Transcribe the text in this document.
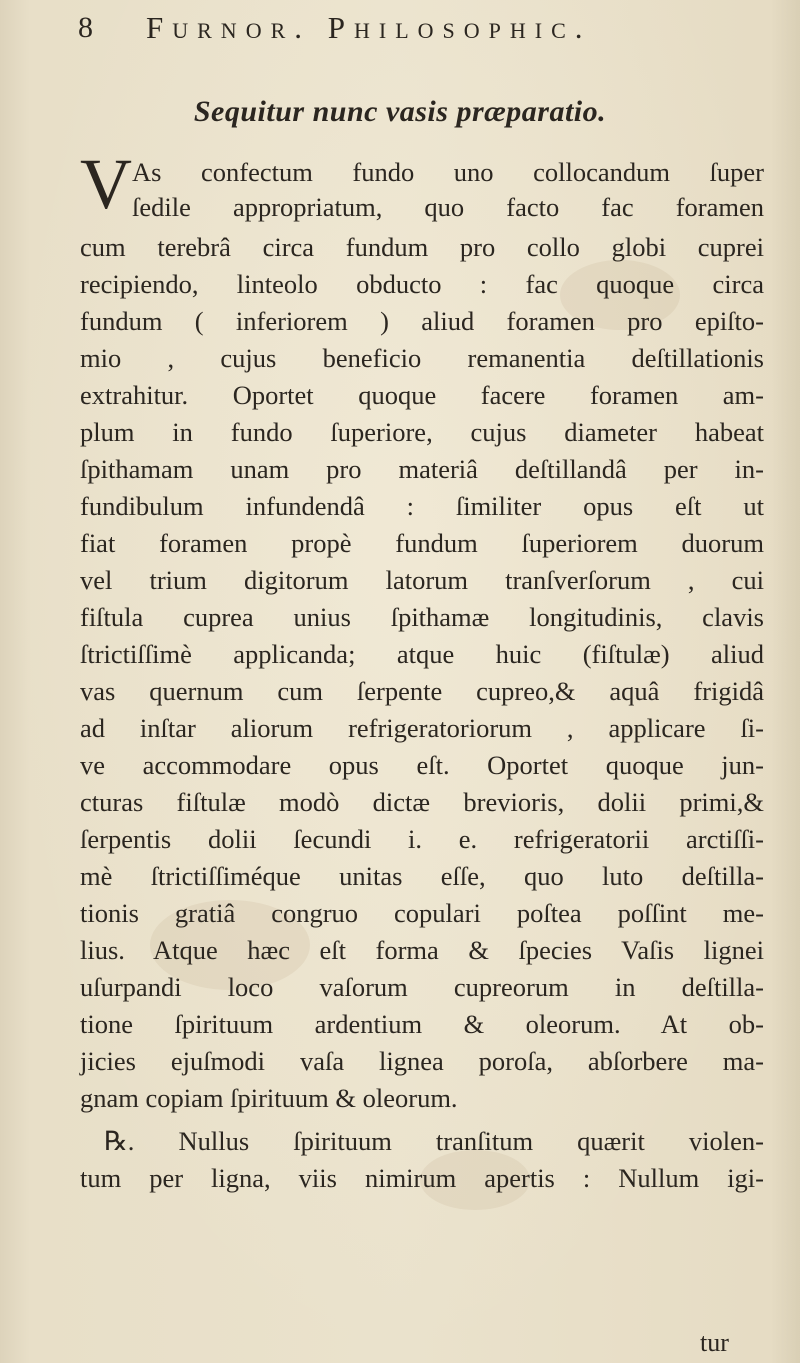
8 Furnor. Philosophic.
Sequitur nunc vasis præparatio.
V As confectum fundo uno collocandum ſuper
ſedile appropriatum, quo facto fac foramen
cum terebrâ circa fundum pro collo globi cuprei
recipiendo, linteolo obducto : fac quoque circa
fundum ( inferiorem ) aliud foramen pro epiſto-
mio , cujus beneficio remanentia deſtillationis
extrahitur. Oportet quoque facere foramen am-
plum in fundo ſuperiore, cujus diameter habeat
ſpithamam unam pro materiâ deſtillandâ per in-
fundibulum infundendâ : ſimiliter opus eſt ut
fiat foramen propè fundum ſuperiorem duorum
vel trium digitorum latorum tranſverſorum , cui
fiſtula cuprea unius ſpithamæ longitudinis, clavis
ſtrictiſſimè applicanda; atque huic (fiſtulæ) aliud
vas quernum cum ſerpente cupreo,& aquâ frigidâ
ad inſtar aliorum refrigeratoriorum , applicare ſi-
ve accommodare opus eſt. Oportet quoque jun-
cturas fiſtulæ modò dictæ brevioris, dolii primi,&
ſerpentis dolii ſecundi i. e. refrigeratorii arctiſſi-
mè ſtrictiſſiméque unitas eſſe, quo luto deſtilla-
tionis gratiâ congruo copulari poſtea poſſint me-
lius. Atque hæc eſt forma & ſpecies Vaſis lignei
uſurpandi loco vaſorum cupreorum in deſtilla-
tione ſpirituum ardentium & oleorum. At ob-
jicies ejuſmodi vaſa lignea poroſa, abſorbere ma-
gnam copiam ſpirituum & oleorum.
℞. Nullus ſpirituum tranſitum quærit violen-
tum per ligna, viis nimirum apertis : Nullum igi-
tur
